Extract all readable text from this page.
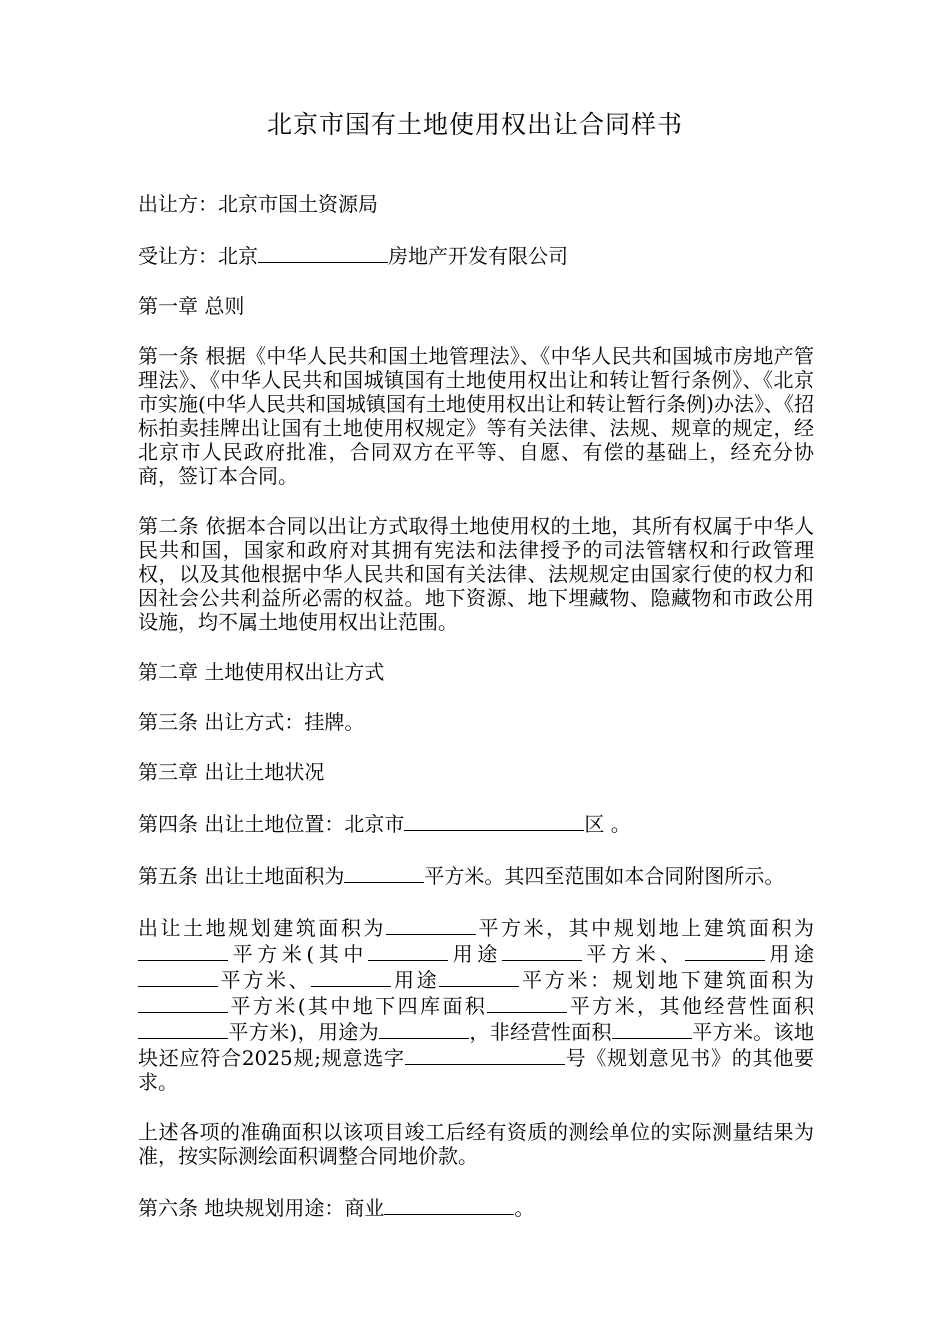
北京市国有土地使用权出让合同样书

出让方：北京市国土资源局

受让方：北京	房地产开发有限公司

第一章 总则

第一条 根据《中华人民共和国土地管理法》、《中华人民共和国城市房地产管理法》、《中华人民共和国城镇国有土地使用权出让和转让暂行条例》、《北京市实施(中华人民共和国城镇国有土地使用权出让和转让暂行条例)办法》、《招标拍卖挂牌出让国有土地使用权规定》等有关法律、法规、规章的规定，经北京市人民政府批准，合同双方在平等、自愿、有偿的基础上，经充分协商，签订本合同。

第二条 依据本合同以出让方式取得土地使用权的土地，其所有权属于中华人民共和国，国家和政府对其拥有宪法和法律授予的司法管辖权和行政管理权，以及其他根据中华人民共和国有关法律、法规规定由国家行使的权力和因社会公共利益所必需的权益。地下资源、地下埋藏物、隐藏物和市政公用设施，均不属土地使用权出让范围。

第二章 土地使用权出让方式

第三条 出让方式：挂牌。

第三章 出让土地状况

第四条 出让土地位置：北京市	区 。

第五条 出让土地面积为	平方米。其四至范围如本合同附图所示。

出让土地规划建筑面积为	平方米，其中规划地上建筑面积为平方米(其中	用途	平方米、	用途平方米、	用途	平方米：规划地下建筑面积为平方米(其中地下四库面积	平方米，其他经营性面积平方米)，用途为	，非经营性面积	平方米。该地块还应符合2025规;规意选字	号《规划意见书》的其他要求。

上述各项的准确面积以该项目竣工后经有资质的测绘单位的实际测量结果为准，按实际测绘面积调整合同地价款。

第六条 地块规划用途：商业	。
